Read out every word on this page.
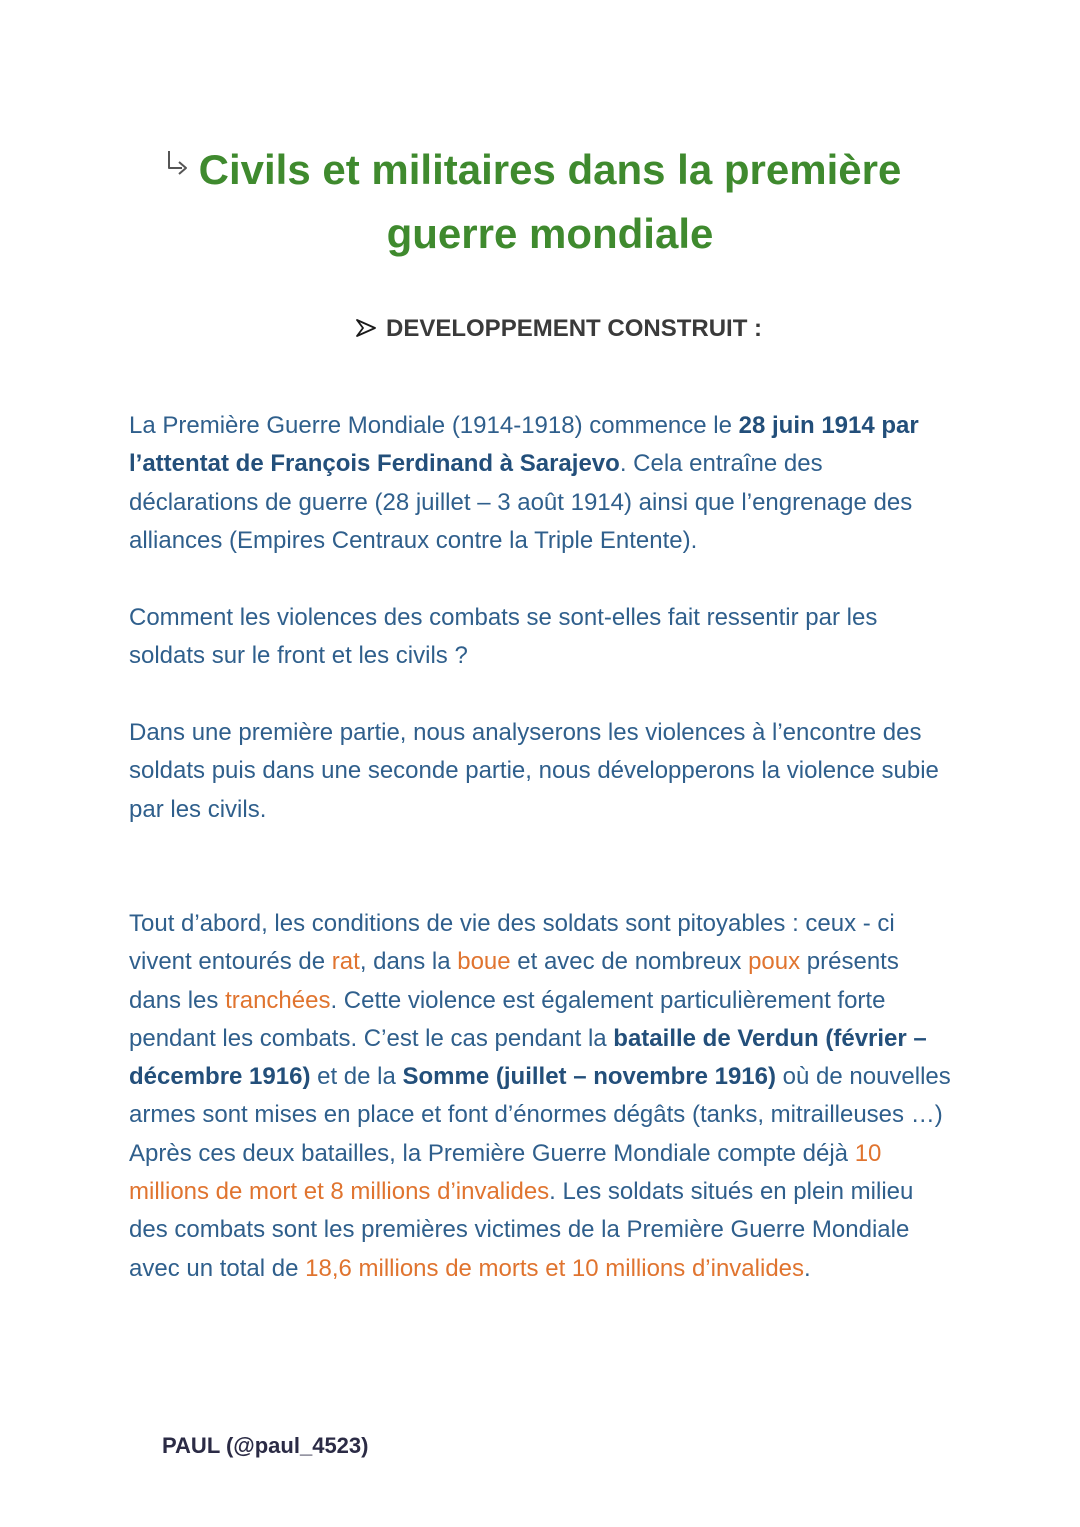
Civils et militaires dans la première
guerre mondiale
DEVELOPPEMENT CONSTRUIT :

La Première Guerre Mondiale (1914-1918) commence le 28 juin 1914 par l’attentat de François Ferdinand à Sarajevo. Cela entraîne des déclarations de guerre (28 juillet – 3 août 1914) ainsi que l’engrenage des alliances (Empires Centraux contre la Triple Entente).

Comment les violences des combats se sont-elles fait ressentir par les soldats sur le front et les civils ?

Dans une première partie, nous analyserons les violences à l’encontre des soldats puis dans une seconde partie, nous développerons la violence subie par les civils.

Tout d’abord, les conditions de vie des soldats sont pitoyables : ceux - ci vivent entourés de rat, dans la boue et avec de nombreux poux présents dans les tranchées. Cette violence est également particulièrement forte pendant les combats. C’est le cas pendant la bataille de Verdun (février – décembre 1916) et de la Somme (juillet – novembre 1916) où de nouvelles armes sont mises en place et font d’énormes dégâts (tanks, mitrailleuses …) Après ces deux batailles, la Première Guerre Mondiale compte déjà 10 millions de mort et 8 millions d’invalides. Les soldats situés en plein milieu des combats sont les premières victimes de la Première Guerre Mondiale avec un total de 18,6 millions de morts et 10 millions d’invalides.

PAUL (@paul_4523)
